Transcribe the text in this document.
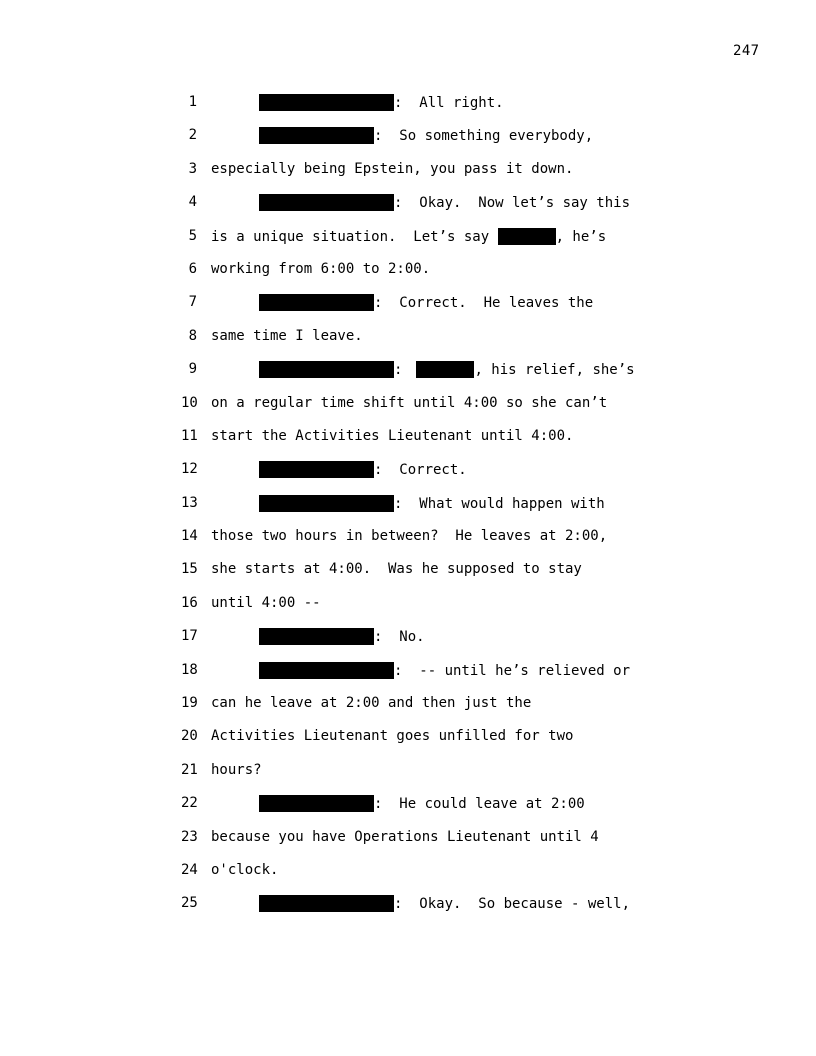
247

1

	:  All right.

2

	:  So something everybody,

3

especially being Epstein, you pass it down.

4

	:  Okay.  Now let’s say this

5

is a unique situation.  Let’s say	, he’s

6

working from 6:00 to 2:00.

7

	:  Correct.  He leaves the

8

same time I leave.

9

	:	, his relief, she’s

10

on a regular time shift until 4:00 so she can’t

11

start the Activities Lieutenant until 4:00.

12

	:  Correct.

13

	:  What would happen with

14

those two hours in between?  He leaves at 2:00,

15

she starts at 4:00.  Was he supposed to stay

16

until 4:00 --

17

	:  No.

18

	:  -- until he’s relieved or

19

can he leave at 2:00 and then just the

20

Activities Lieutenant goes unfilled for two

21

hours?

22

	:  He could leave at 2:00

23

because you have Operations Lieutenant until 4

24

o'clock.

25

	:  Okay.  So because - well,
